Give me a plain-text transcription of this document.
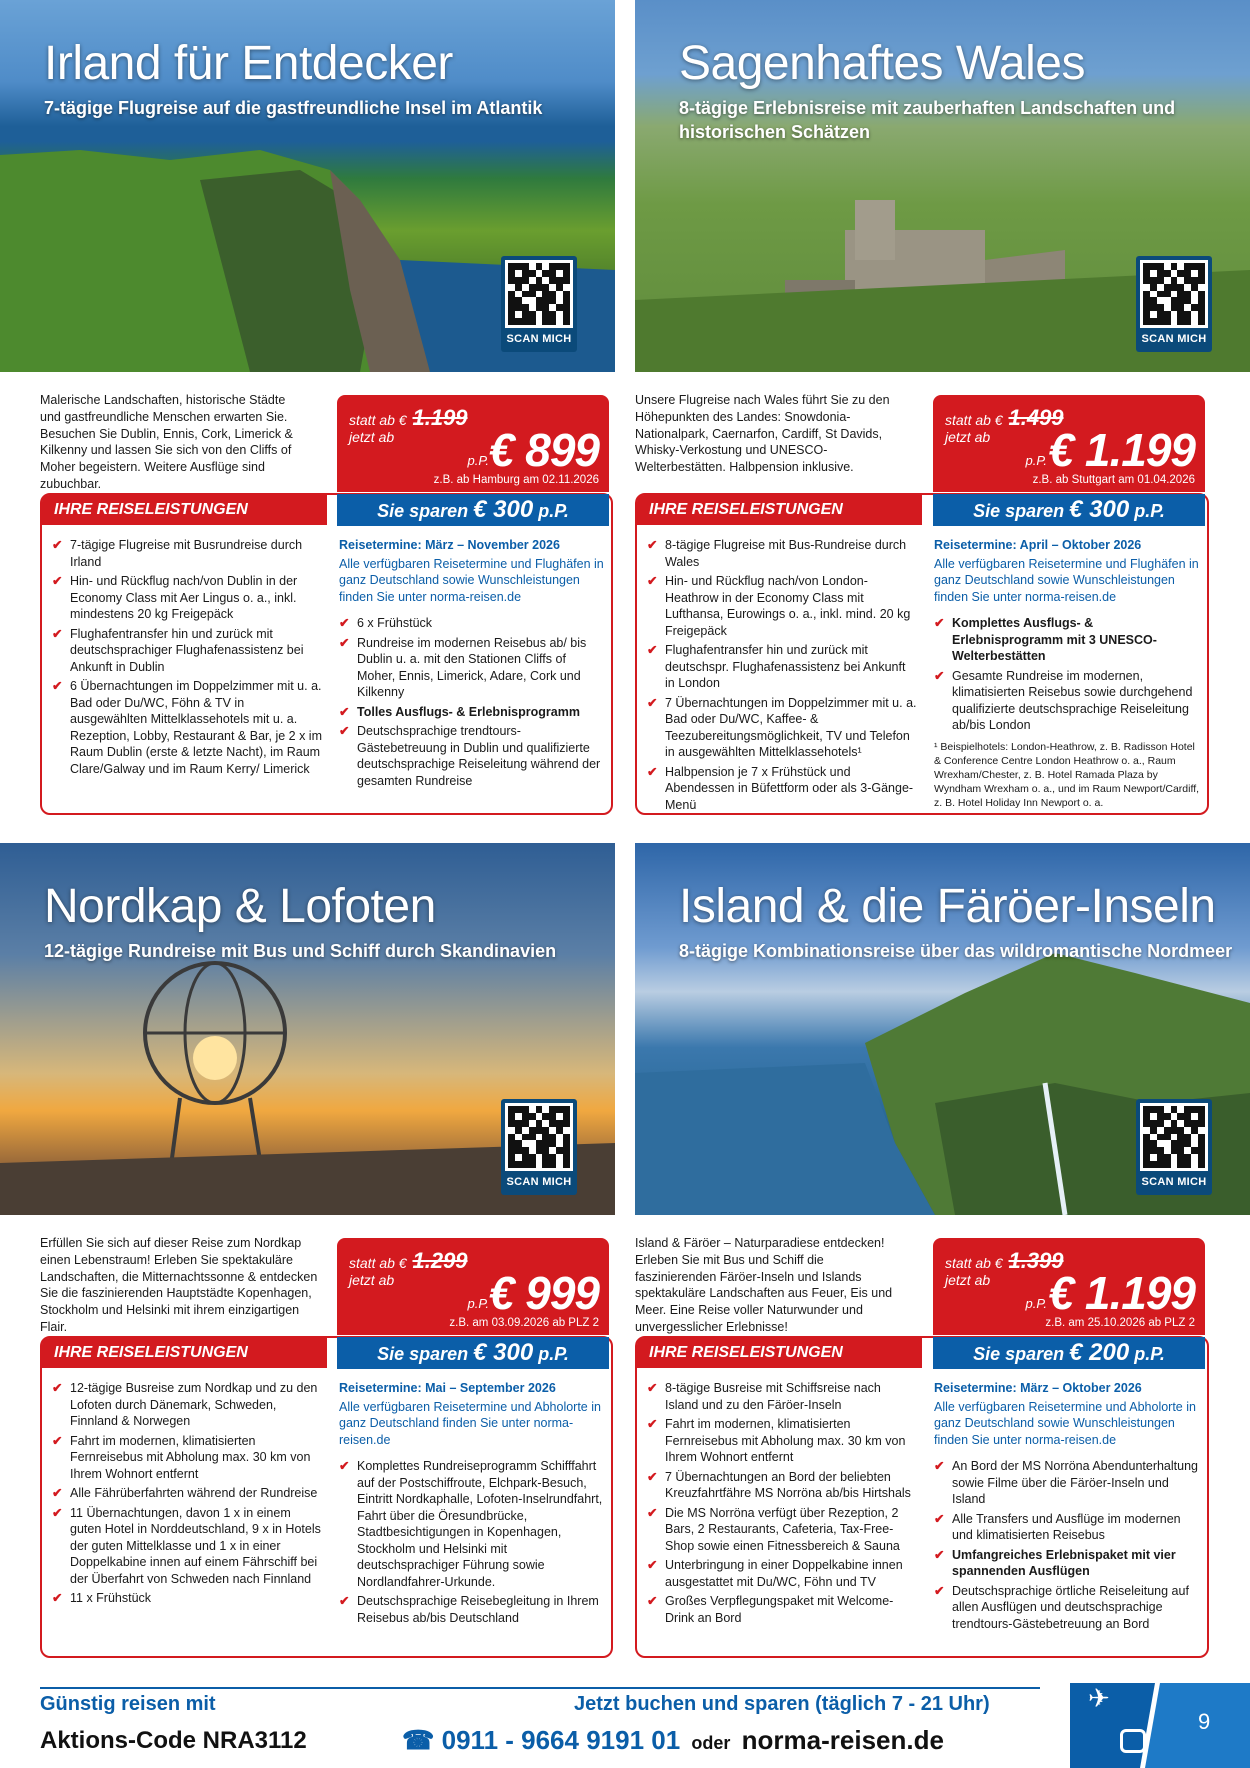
Irland für Entdecker
7-tägige Flugreise auf die gastfreundliche Insel im Atlantik
SCAN MICH
Malerische Landschaften, historische Städte und gastfreundliche Menschen erwarten Sie. Besuchen Sie Dublin, Ennis, Cork, Limerick & Kilkenny und lassen Sie sich von den Cliffs of Moher begeistern. Weitere Ausflüge sind zubuchbar.
statt ab € 1.199
jetzt ab
p.P. € 899
z.B. ab Hamburg am 02.11.2026
IHRE REISELEISTUNGEN
✔ 7-tägige Flugreise mit Busrundreise durch Irland
✔ Hin- und Rückflug nach/von Dublin in der Economy Class mit Aer Lingus o. a., inkl. mindestens 20 kg Freigepäck
✔ Flughafentransfer hin und zurück mit deutschsprachiger Flughafenassistenz bei Ankunft in Dublin
✔ 6 Übernachtungen im Doppelzimmer mit u. a. Bad oder Du/WC, Föhn & TV in ausgewählten Mittelklassehotels mit u. a. Rezeption, Lobby, Restaurant & Bar, je 2 x im Raum Dublin (erste & letzte Nacht), im Raum Clare/Galway und im Raum Kerry/ Limerick
Reisetermine: März – November 2026
Alle verfügbaren Reisetermine und Flughäfen in ganz Deutschland sowie Wunschleistungen finden Sie unter norma-reisen.de
✔ 6 x Frühstück
✔ Rundreise im modernen Reisebus ab/ bis Dublin u. a. mit den Stationen Cliffs of Moher, Ennis, Limerick, Adare, Cork und Kilkenny
✔ Tolles Ausflugs- & Erlebnisprogramm
✔ Deutschsprachige trendtours-Gästebetreuung in Dublin und qualifizierte deutschsprachige Reiseleitung während der gesamten Rundreise
Sie sparen € 300 p.P.
Sagenhaftes Wales
8-tägige Erlebnisreise mit zauberhaften Landschaften und historischen Schätzen
SCAN MICH
Unsere Flugreise nach Wales führt Sie zu den Höhepunkten des Landes: Snowdonia-Nationalpark, Caernarfon, Cardiff, St Davids, Whisky-Verkostung und UNESCO-Welterbestätten. Halbpension inklusive.
statt ab € 1.499
jetzt ab
p.P. € 1.199
z.B. ab Stuttgart am 01.04.2026
IHRE REISELEISTUNGEN
✔ 8-tägige Flugreise mit Bus-Rundreise durch Wales
✔ Hin- und Rückflug nach/von London-Heathrow in der Economy Class mit Lufthansa, Eurowings o. a., inkl. mind. 20 kg Freigepäck
✔ Flughafentransfer hin und zurück mit deutschspr. Flughafenassistenz bei Ankunft in London
✔ 7 Übernachtungen im Doppelzimmer mit u. a. Bad oder Du/WC, Kaffee- & Teezubereitungsmöglichkeit, TV und Telefon in ausgewählten Mittelklassehotels¹
✔ Halbpension je 7 x Frühstück und Abendessen in Büfettform oder als 3-Gänge-Menü
Reisetermine: April – Oktober 2026
Alle verfügbaren Reisetermine und Flughäfen in ganz Deutschland sowie Wunschleistungen finden Sie unter norma-reisen.de
✔ Komplettes Ausflugs- & Erlebnisprogramm mit 3 UNESCO-Welterbestätten
✔ Gesamte Rundreise im modernen, klimatisierten Reisebus sowie durchgehend qualifizierte deutschsprachige Reiseleitung ab/bis London
¹ Beispielhotels: London-Heathrow, z. B. Radisson Hotel & Conference Centre London Heathrow o. a., Raum Wrexham/Chester, z. B. Hotel Ramada Plaza by Wyndham Wrexham o. a., und im Raum Newport/Cardiff, z. B. Hotel Holiday Inn Newport o. a.
Sie sparen € 300 p.P.
Nordkap & Lofoten
12-tägige Rundreise mit Bus und Schiff durch Skandinavien
SCAN MICH
Erfüllen Sie sich auf dieser Reise zum Nordkap einen Lebenstraum! Erleben Sie spektakuläre Landschaften, die Mitternachtssonne & entdecken Sie die faszinierenden Hauptstädte Kopenhagen, Stockholm und Helsinki mit ihrem einzigartigen Flair.
statt ab € 1.299
jetzt ab
p.P. € 999
z.B. am 03.09.2026 ab PLZ 2
IHRE REISELEISTUNGEN
✔ 12-tägige Busreise zum Nordkap und zu den Lofoten durch Dänemark, Schweden, Finnland & Norwegen
✔ Fahrt im modernen, klimatisierten Fernreisebus mit Abholung max. 30 km von Ihrem Wohnort entfernt
✔ Alle Fährüberfahrten während der Rundreise
✔ 11 Übernachtungen, davon 1 x in einem guten Hotel in Norddeutschland, 9 x in Hotels der guten Mittelklasse und 1 x in einer Doppelkabine innen auf einem Fährschiff bei der Überfahrt von Schweden nach Finnland
✔ 11 x Frühstück
Reisetermine: Mai – September 2026
Alle verfügbaren Reisetermine und Abholorte in ganz Deutschland finden Sie unter norma-reisen.de
✔ Komplettes Rundreiseprogramm Schifffahrt auf der Postschiffroute, Elchpark-Besuch, Eintritt Nordkaphalle, Lofoten-Inselrundfahrt, Fahrt über die Öresundbrücke, Stadtbesichtigungen in Kopenhagen, Stockholm und Helsinki mit deutschsprachiger Führung sowie Nordlandfahrer-Urkunde.
✔ Deutschsprachige Reisebegleitung in Ihrem Reisebus ab/bis Deutschland
Sie sparen € 300 p.P.
Island & die Färöer-Inseln
8-tägige Kombinationsreise über das wildromantische Nordmeer
SCAN MICH
Island & Färöer – Naturparadiese entdecken! Erleben Sie mit Bus und Schiff die faszinierenden Färöer-Inseln und Islands spektakuläre Landschaften aus Feuer, Eis und Meer. Eine Reise voller Naturwunder und unvergesslicher Erlebnisse!
statt ab € 1.399
jetzt ab
p.P. € 1.199
z.B. am 25.10.2026 ab PLZ 2
IHRE REISELEISTUNGEN
✔ 8-tägige Busreise mit Schiffsreise nach Island und zu den Färöer-Inseln
✔ Fahrt im modernen, klimatisierten Fernreisebus mit Abholung max. 30 km von Ihrem Wohnort entfernt
✔ 7 Übernachtungen an Bord der beliebten Kreuzfahrtfähre MS Norröna ab/bis Hirtshals
✔ Die MS Norröna verfügt über Rezeption, 2 Bars, 2 Restaurants, Cafeteria, Tax-Free-Shop sowie einen Fitnessbereich & Sauna
✔ Unterbringung in einer Doppelkabine innen ausgestattet mit Du/WC, Föhn und TV
✔ Großes Verpflegungspaket mit Welcome-Drink an Bord
Reisetermine: März – Oktober 2026
Alle verfügbaren Reisetermine und Abholorte in ganz Deutschland sowie Wunschleistungen finden Sie unter norma-reisen.de
✔ An Bord der MS Norröna Abendunterhaltung sowie Filme über die Färöer-Inseln und Island
✔ Alle Transfers und Ausflüge im modernen und klimatisierten Reisebus
✔ Umfangreiches Erlebnispaket mit vier spannenden Ausflügen
✔ Deutschsprachige örtliche Reiseleitung auf allen Ausflügen und deutschsprachige trendtours-Gästebetreuung an Bord
Sie sparen € 200 p.P.
Günstig reisen mit
Aktions-Code NRA3112
Jetzt buchen und sparen (täglich 7 - 21 Uhr)
☎ 0911 - 9664 9191 01 oder norma-reisen.de
✈
9
